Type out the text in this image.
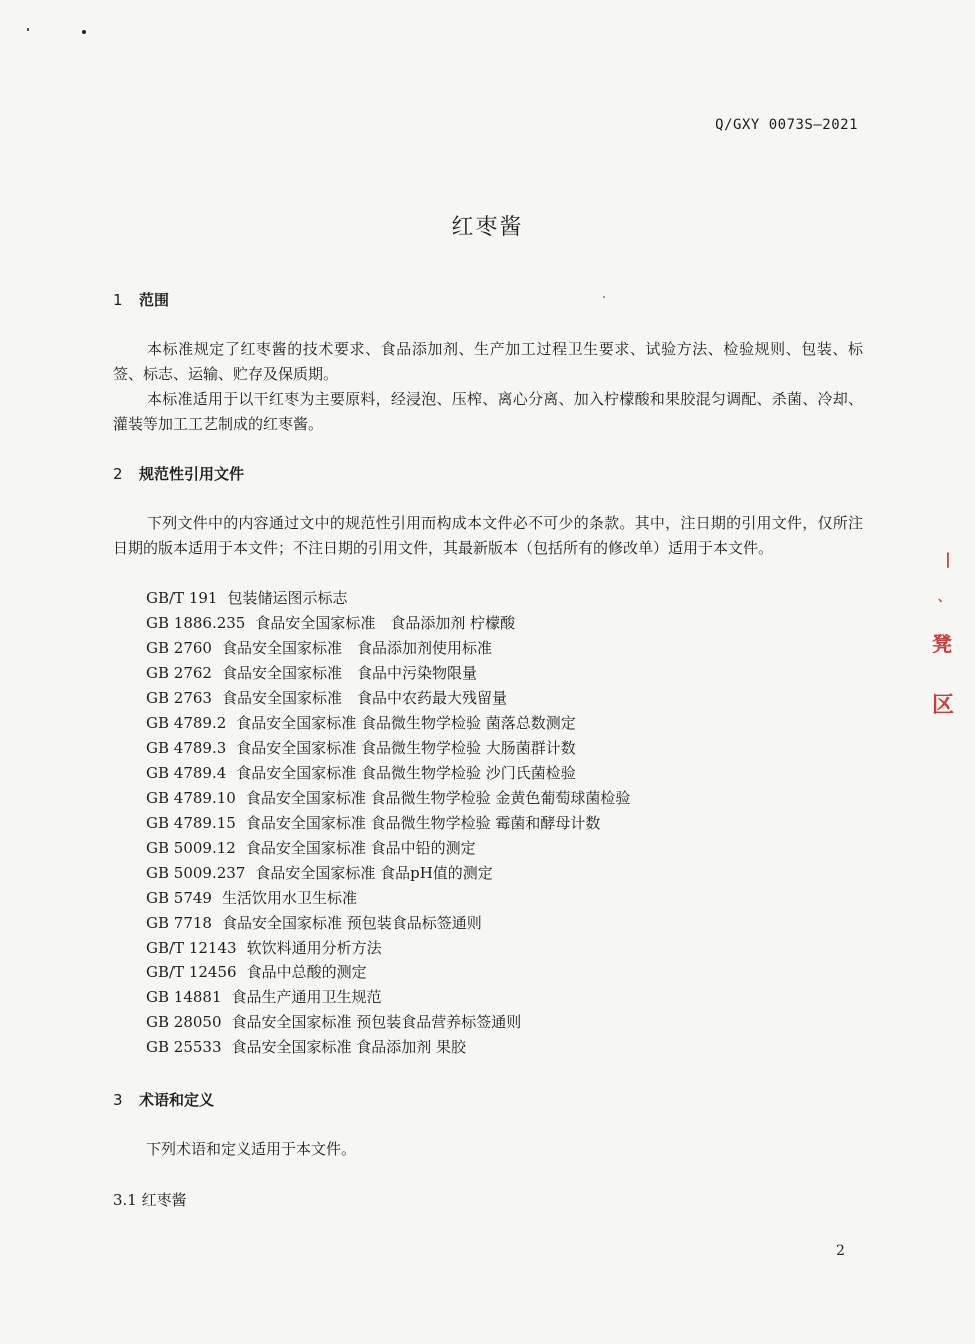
丨
、
凳
区
Q/GXY 0073S—2021
红枣酱
1 范围
本标准规定了红枣酱的技术要求、食品添加剂、生产加工过程卫生要求、试验方法、检验规则、包装、标签、标志、运输、贮存及保质期。
本标准适用于以干红枣为主要原料，经浸泡、压榨、离心分离、加入柠檬酸和果胶混匀调配、杀菌、冷却、灌装等加工工艺制成的红枣酱。
2 规范性引用文件
下列文件中的内容通过文中的规范性引用而构成本文件必不可少的条款。其中，注日期的引用文件，仅所注日期的版本适用于本文件；不注日期的引用文件，其最新版本（包括所有的修改单）适用于本文件。
GB/T 191 包装储运图示标志
GB 1886.235 食品安全国家标准　食品添加剂 柠檬酸
GB 2760 食品安全国家标准　食品添加剂使用标准
GB 2762 食品安全国家标准　食品中污染物限量
GB 2763 食品安全国家标准　食品中农药最大残留量
GB 4789.2 食品安全国家标准 食品微生物学检验 菌落总数测定
GB 4789.3 食品安全国家标准 食品微生物学检验 大肠菌群计数
GB 4789.4 食品安全国家标准 食品微生物学检验 沙门氏菌检验
GB 4789.10 食品安全国家标准 食品微生物学检验 金黄色葡萄球菌检验
GB 4789.15 食品安全国家标准 食品微生物学检验 霉菌和酵母计数
GB 5009.12 食品安全国家标准 食品中铅的测定
GB 5009.237 食品安全国家标准 食品pH值的测定
GB 5749 生活饮用水卫生标准
GB 7718 食品安全国家标准 预包装食品标签通则
GB/T 12143 软饮料通用分析方法
GB/T 12456 食品中总酸的测定
GB 14881 食品生产通用卫生规范
GB 28050 食品安全国家标准 预包装食品营养标签通则
GB 25533 食品安全国家标准 食品添加剂 果胶
3 术语和定义
下列术语和定义适用于本文件。
3.1 红枣酱
2
